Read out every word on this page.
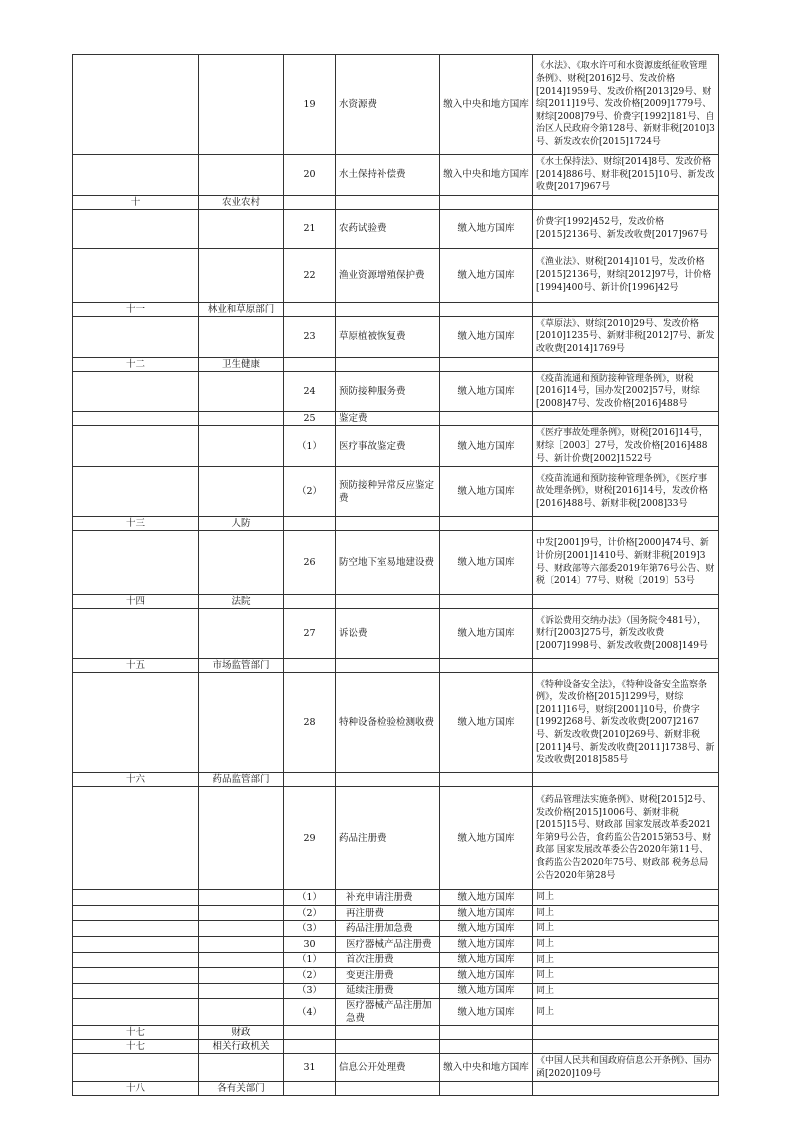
		19	水资源费	缴入中央和地方国库	《水法》、《取水许可和水资源废纸征收管理条例》、财税[2016]2号、发改价格[2014]1959号、发改价格[2013]29号、财综[2011]19号、发改价格[2009]1779号、财综[2008]79号、价费字[1992]181号、自治区人民政府令第128号、新财非税[2010]3号、新发改农价[2015]1724号
		20	水土保持补偿费	缴入中央和地方国库	《水土保持法》、财综[2014]8号、发改价格[2014]886号、财非税[2015]10号、新发改收费[2017]967号
十	农业农村				
		21	农药试验费	缴入地方国库	价费字[1992]452号，发改价格[2015]2136号、新发改收费[2017]967号
		22	渔业资源增殖保护费	缴入地方国库	《渔业法》、财税[2014]101号，发改价格[2015]2136号，财综[2012]97号，计价格[1994]400号、新计价[1996]42号
十一	林业和草原部门				
		23	草原植被恢复费	缴入地方国库	《草原法》、财综[2010]29号、发改价格[2010]1235号、新财非税[2012]7号、新发改收费[2014]1769号
十二	卫生健康				
		24	预防接种服务费	缴入地方国库	《疫苗流通和预防接种管理条例》，财税[2016]14号，国办发[2002]57号，财综[2008]47号、发改价格[2016]488号
		25	鉴定费		
		（1）	医疗事故鉴定费	缴入地方国库	《医疗事故处理条例》，财税[2016]14号，财综［2003］27号，发改价格[2016]488号、新计价费[2002]1522号
		（2）	预防接种异常反应鉴定费	缴入地方国库	《疫苗流通和预防接种管理条例》，《医疗事故处理条例》，财税[2016]14号，发改价格[2016]488号、新财非税[2008]33号
十三	人防				
		26	防空地下室易地建设费	缴入地方国库	中发[2001]9号，计价格[2000]474号、新计价房[2001]1410号、新财非税[2019]3号、财政部等六部委2019年第76号公告、财税〔2014〕77号、财税〔2019〕53号
十四	法院				
		27	诉讼费	缴入地方国库	《诉讼费用交纳办法》（国务院令481号），财行[2003]275号，新发改收费[2007]1998号、新发改收费[2008]149号
十五	市场监管部门				
		28	特种设备检验检测收费	缴入地方国库	《特种设备安全法》，《特种设备安全监察条例》，发改价格[2015]1299号，财综[2011]16号，财综[2001]10号，价费字[1992]268号、新发改收费[2007]2167号、新发改收费[2010]269号、新财非税[2011]4号、新发改收费[2011]1738号、新发改收费[2018]585号
十六	药品监管部门				
		29	药品注册费	缴入地方国库	《药品管理法实施条例》、财税[2015]2号、发改价格[2015]1006号、新财非税[2015]15号、财政部 国家发展改革委2021年第9号公告，食药监公告2015第53号、财政部 国家发展改革委公告2020年第11号、食药监公告2020年75号、财政部 税务总局公告2020年第28号
		（1）	补充申请注册费	缴入地方国库	同上
		（2）	再注册费	缴入地方国库	同上
		（3）	药品注册加急费	缴入地方国库	同上
		30	医疗器械产品注册费	缴入地方国库	同上
		（1）	首次注册费	缴入地方国库	同上
		（2）	变更注册费	缴入地方国库	同上
		（3）	延续注册费	缴入地方国库	同上
		（4）	医疗器械产品注册加急费	缴入地方国库	同上
十七	财政				
十七	相关行政机关				
		31	信息公开处理费	缴入中央和地方国库	《中国人民共和国政府信息公开条例》、国办函[2020]109号
十八	各有关部门				
